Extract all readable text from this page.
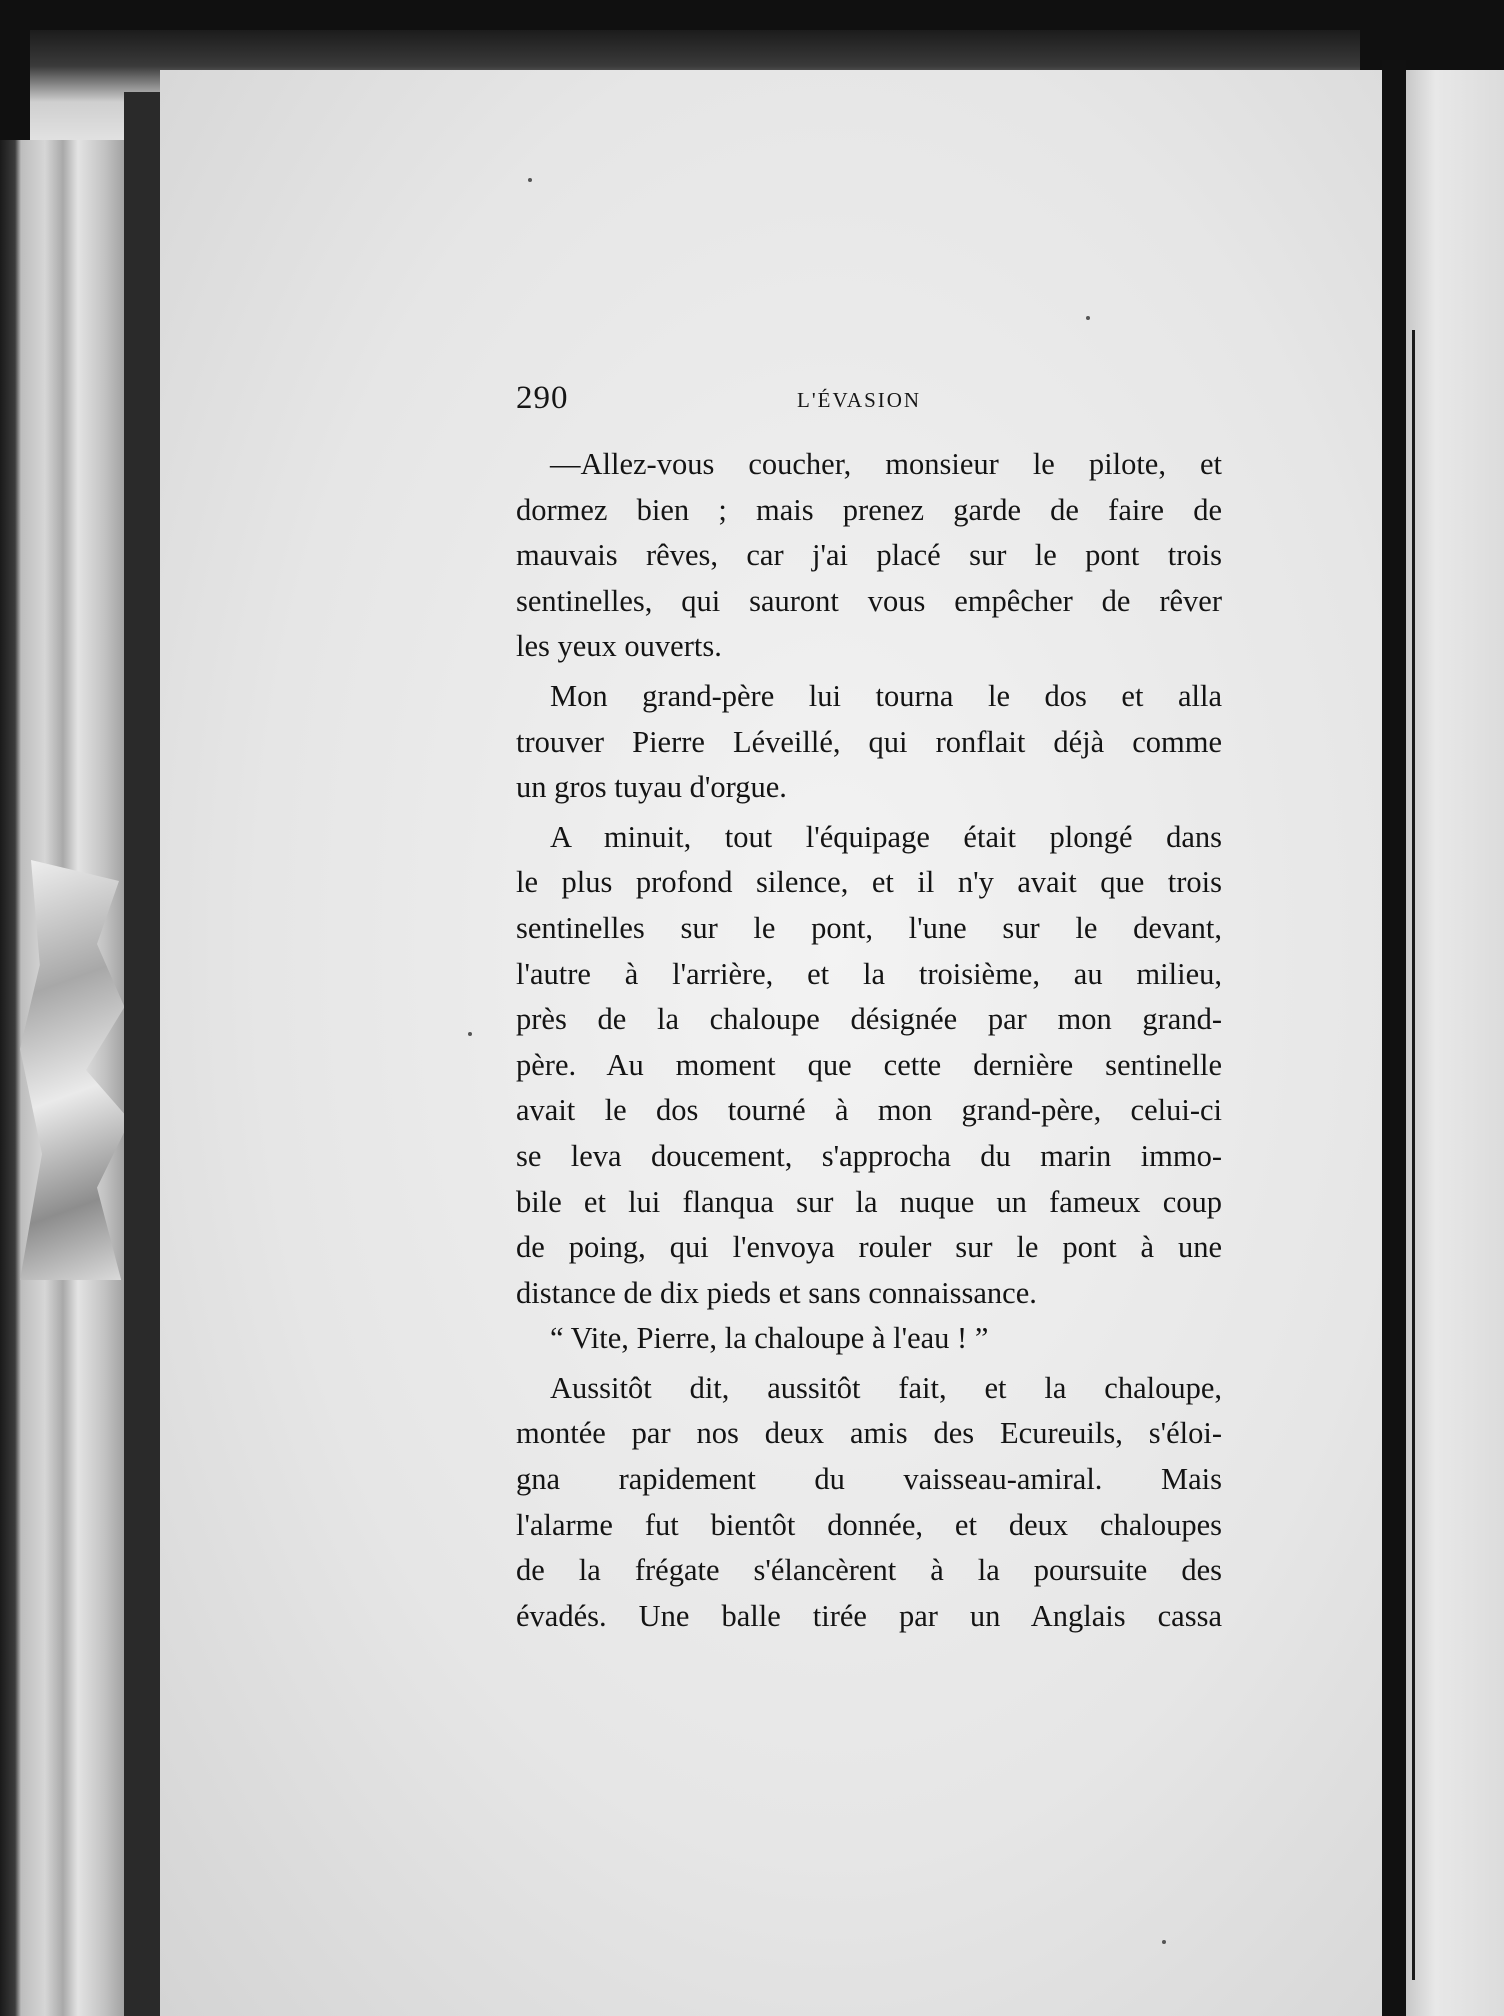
290	L'ÉVASION
—Allez-vous coucher, monsieur le pilote, et
dormez bien ; mais prenez garde de faire de
mauvais rêves, car j'ai placé sur le pont trois
sentinelles, qui sauront vous empêcher de rêver
les yeux ouverts.
Mon grand-père lui tourna le dos et alla
trouver Pierre Léveillé, qui ronflait déjà comme
un gros tuyau d'orgue.
A minuit, tout l'équipage était plongé dans
le plus profond silence, et il n'y avait que trois
sentinelles sur le pont, l'une sur le devant,
l'autre à l'arrière, et la troisième, au milieu,
près de la chaloupe désignée par mon grand-
père. Au moment que cette dernière sentinelle
avait le dos tourné à mon grand-père, celui-ci
se leva doucement, s'approcha du marin immo-
bile et lui flanqua sur la nuque un fameux coup
de poing, qui l'envoya rouler sur le pont à une
distance de dix pieds et sans connaissance.
“ Vite, Pierre, la chaloupe à l'eau ! ”
Aussitôt dit, aussitôt fait, et la chaloupe,
montée par nos deux amis des Ecureuils, s'éloi-
gna rapidement du vaisseau-amiral. Mais
l'alarme fut bientôt donnée, et deux chaloupes
de la frégate s'élancèrent à la poursuite des
évadés. Une balle tirée par un Anglais cassa
